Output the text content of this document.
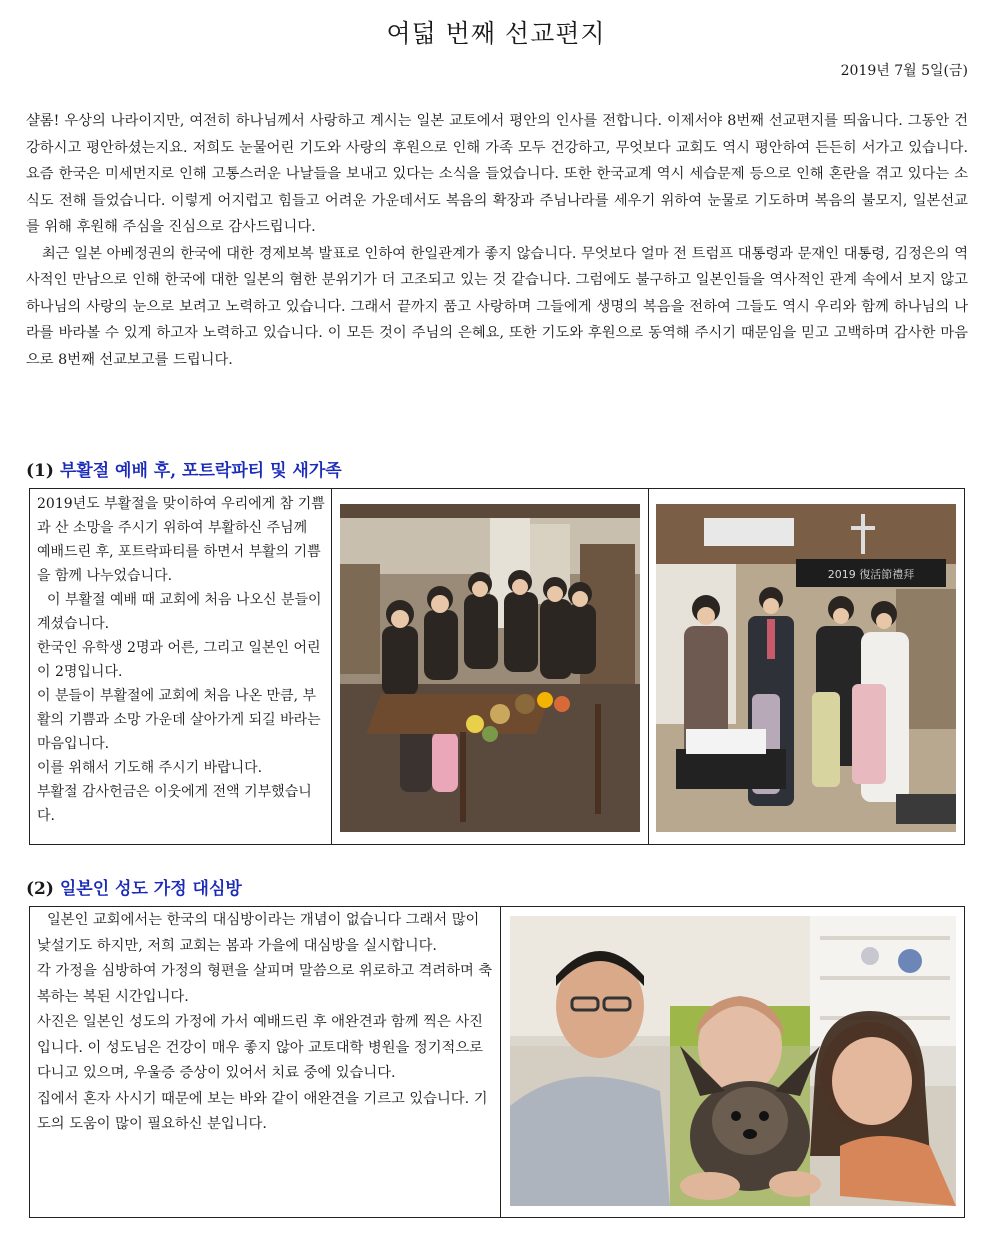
여덟 번째 선교편지
2019년 7월 5일(금)

샬롬! 우상의 나라이지만, 여전히 하나님께서 사랑하고 계시는 일본 교토에서 평안의 인사를 전합니다. 이제서야 8번째 선교편지를 띄웁니다. 그동안 건강하시고 평안하셨는지요. 저희도 눈물어린 기도와 사랑의 후원으로 인해 가족 모두 건강하고, 무엇보다 교회도 역시 평안하여 든든히 서가고 있습니다. 요즘 한국은 미세먼지로 인해 고통스러운 나날들을 보내고 있다는 소식을 들었습니다. 또한 한국교계 역시 세습문제 등으로 인해 혼란을 겪고 있다는 소식도 전해 들었습니다. 이렇게 어지럽고 힘들고 어려운 가운데서도 복음의 확장과 주님나라를 세우기 위하여 눈물로 기도하며 복음의 불모지, 일본선교를 위해 후원해 주심을 진심으로 감사드립니다.

최근 일본 아베정권의 한국에 대한 경제보복 발표로 인하여 한일관계가 좋지 않습니다. 무엇보다 얼마 전 트럼프 대통령과 문재인 대통령, 김정은의 역사적인 만남으로 인해 한국에 대한 일본의 혐한 분위기가 더 고조되고 있는 것 같습니다. 그럼에도 불구하고 일본인들을 역사적인 관계 속에서 보지 않고 하나님의 사랑의 눈으로 보려고 노력하고 있습니다. 그래서 끝까지 품고 사랑하며 그들에게 생명의 복음을 전하여 그들도 역시 우리와 함께 하나님의 나라를 바라볼 수 있게 하고자 노력하고 있습니다. 이 모든 것이 주님의 은혜요, 또한 기도와 후원으로 동역해 주시기 때문임을 믿고 고백하며 감사한 마음으로 8번째 선교보고를 드립니다.

(1) 부활절 예배 후, 포트락파티 및 새가족

2019년도 부활절을 맞이하여 우리에게 참 기쁨과 산 소망을 주시기 위하여 부활하신 주님께 예배드린 후, 포트락파티를 하면서 부활의 기쁨을 함께 나누었습니다.

이 부활절 예배 때 교회에 처음 나오신 분들이 계셨습니다.

한국인 유학생 2명과 어른, 그리고 일본인 어린이 2명입니다.

이 분들이 부활절에 교회에 처음 나온 만큼, 부활의 기쁨과 소망 가운데 살아가게 되길 바라는 마음입니다.

이를 위해서 기도해 주시기 바랍니다.

부활절 감사헌금은 이웃에게 전액 기부했습니다.

2019 復活節禮拜
(2) 일본인 성도 가정 대심방

일본인 교회에서는 한국의 대심방이라는 개념이 없습니다 그래서 많이 낯설기도 하지만, 저희 교회는 봄과 가을에 대심방을 실시합니다.

각 가정을 심방하여 가정의 형편을 살피며 말씀으로 위로하고 격려하며 축복하는 복된 시간입니다.

사진은 일본인 성도의 가정에 가서 예배드린 후 애완견과 함께 찍은 사진입니다. 이 성도님은 건강이 매우 좋지 않아 교토대학 병원을 정기적으로 다니고 있으며, 우울증 증상이 있어서 치료 중에 있습니다.

집에서 혼자 사시기 때문에 보는 바와 같이 애완견을 기르고 있습니다. 기도의 도움이 많이 필요하신 분입니다.
